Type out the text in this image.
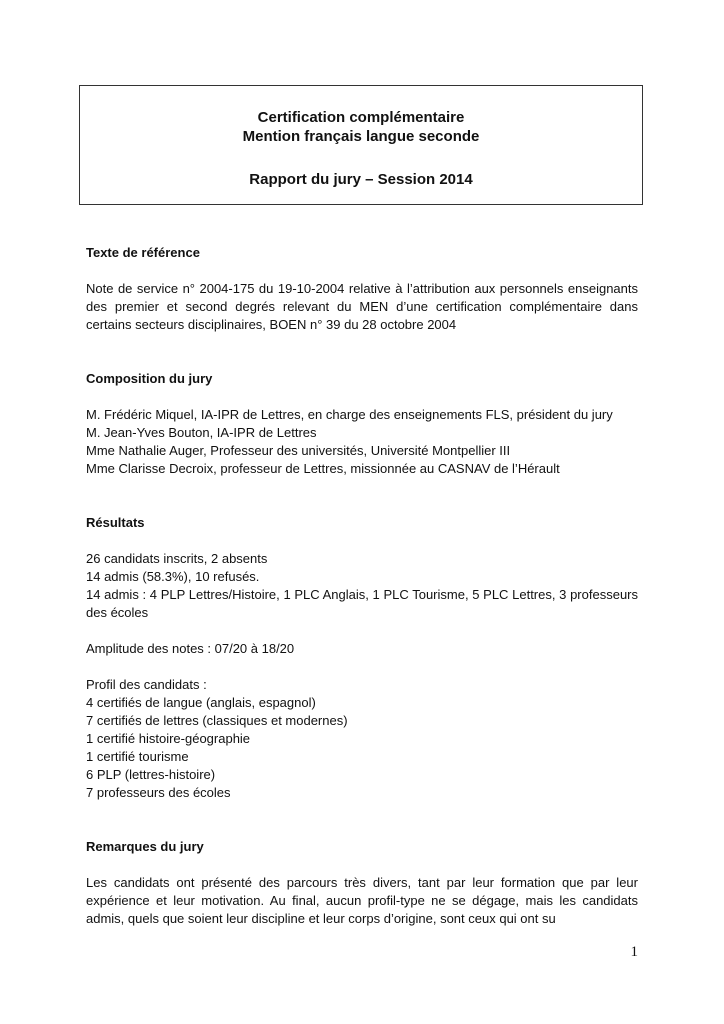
Certification complémentaire
Mention français langue seconde
Rapport du jury – Session 2014

Texte de référence

Note de service n° 2004-175 du 19-10-2004 relative à l’attribution aux personnels enseignants des premier et second degrés relevant du MEN d’une certification complémentaire dans certains secteurs disciplinaires, BOEN n° 39 du 28 octobre 2004

Composition du jury

M. Frédéric Miquel, IA-IPR de Lettres, en charge des enseignements FLS, président du jury
M. Jean-Yves Bouton, IA-IPR de Lettres
Mme Nathalie Auger, Professeur des universités, Université Montpellier III
Mme Clarisse Decroix, professeur de Lettres, missionnée au CASNAV de l’Hérault

Résultats

26 candidats inscrits, 2 absents
14 admis (58.3%), 10 refusés.
14 admis : 4 PLP Lettres/Histoire, 1 PLC Anglais, 1 PLC Tourisme, 5 PLC Lettres, 3 professeurs des écoles

Amplitude des notes : 07/20 à 18/20

Profil des candidats :

4 certifiés de langue (anglais, espagnol)
7 certifiés de lettres (classiques et modernes)
1 certifié histoire-géographie
1 certifié tourisme
6 PLP (lettres-histoire)
7 professeurs des écoles

Remarques du jury

Les candidats ont présenté des parcours très divers, tant par leur formation que par leur expérience et leur motivation. Au final, aucun profil-type ne se dégage, mais les candidats admis, quels que soient leur discipline et leur corps d’origine, sont ceux qui ont su

1
